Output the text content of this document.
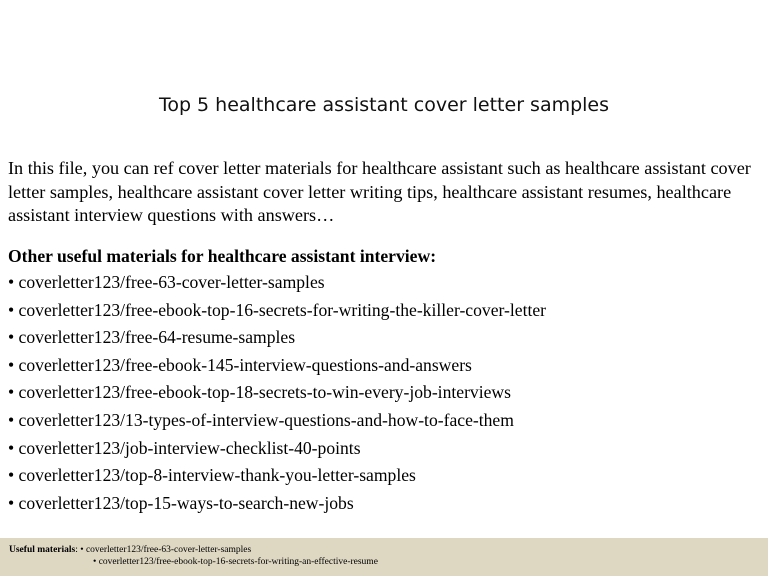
Top 5 healthcare assistant cover letter samples

In this file, you can ref cover letter materials for healthcare assistant such as healthcare assistant cover letter samples, healthcare assistant cover letter writing tips, healthcare assistant resumes, healthcare assistant interview questions with answers…

Other useful materials for healthcare assistant interview:
• coverletter123/free-63-cover-letter-samples
• coverletter123/free-ebook-top-16-secrets-for-writing-the-killer-cover-letter
• coverletter123/free-64-resume-samples
• coverletter123/free-ebook-145-interview-questions-and-answers
• coverletter123/free-ebook-top-18-secrets-to-win-every-job-interviews
• coverletter123/13-types-of-interview-questions-and-how-to-face-them
• coverletter123/job-interview-checklist-40-points
• coverletter123/top-8-interview-thank-you-letter-samples
• coverletter123/top-15-ways-to-search-new-jobs
Useful materials: • coverletter123/free-63-cover-letter-samples
• coverletter123/free-ebook-top-16-secrets-for-writing-an-effective-resume
